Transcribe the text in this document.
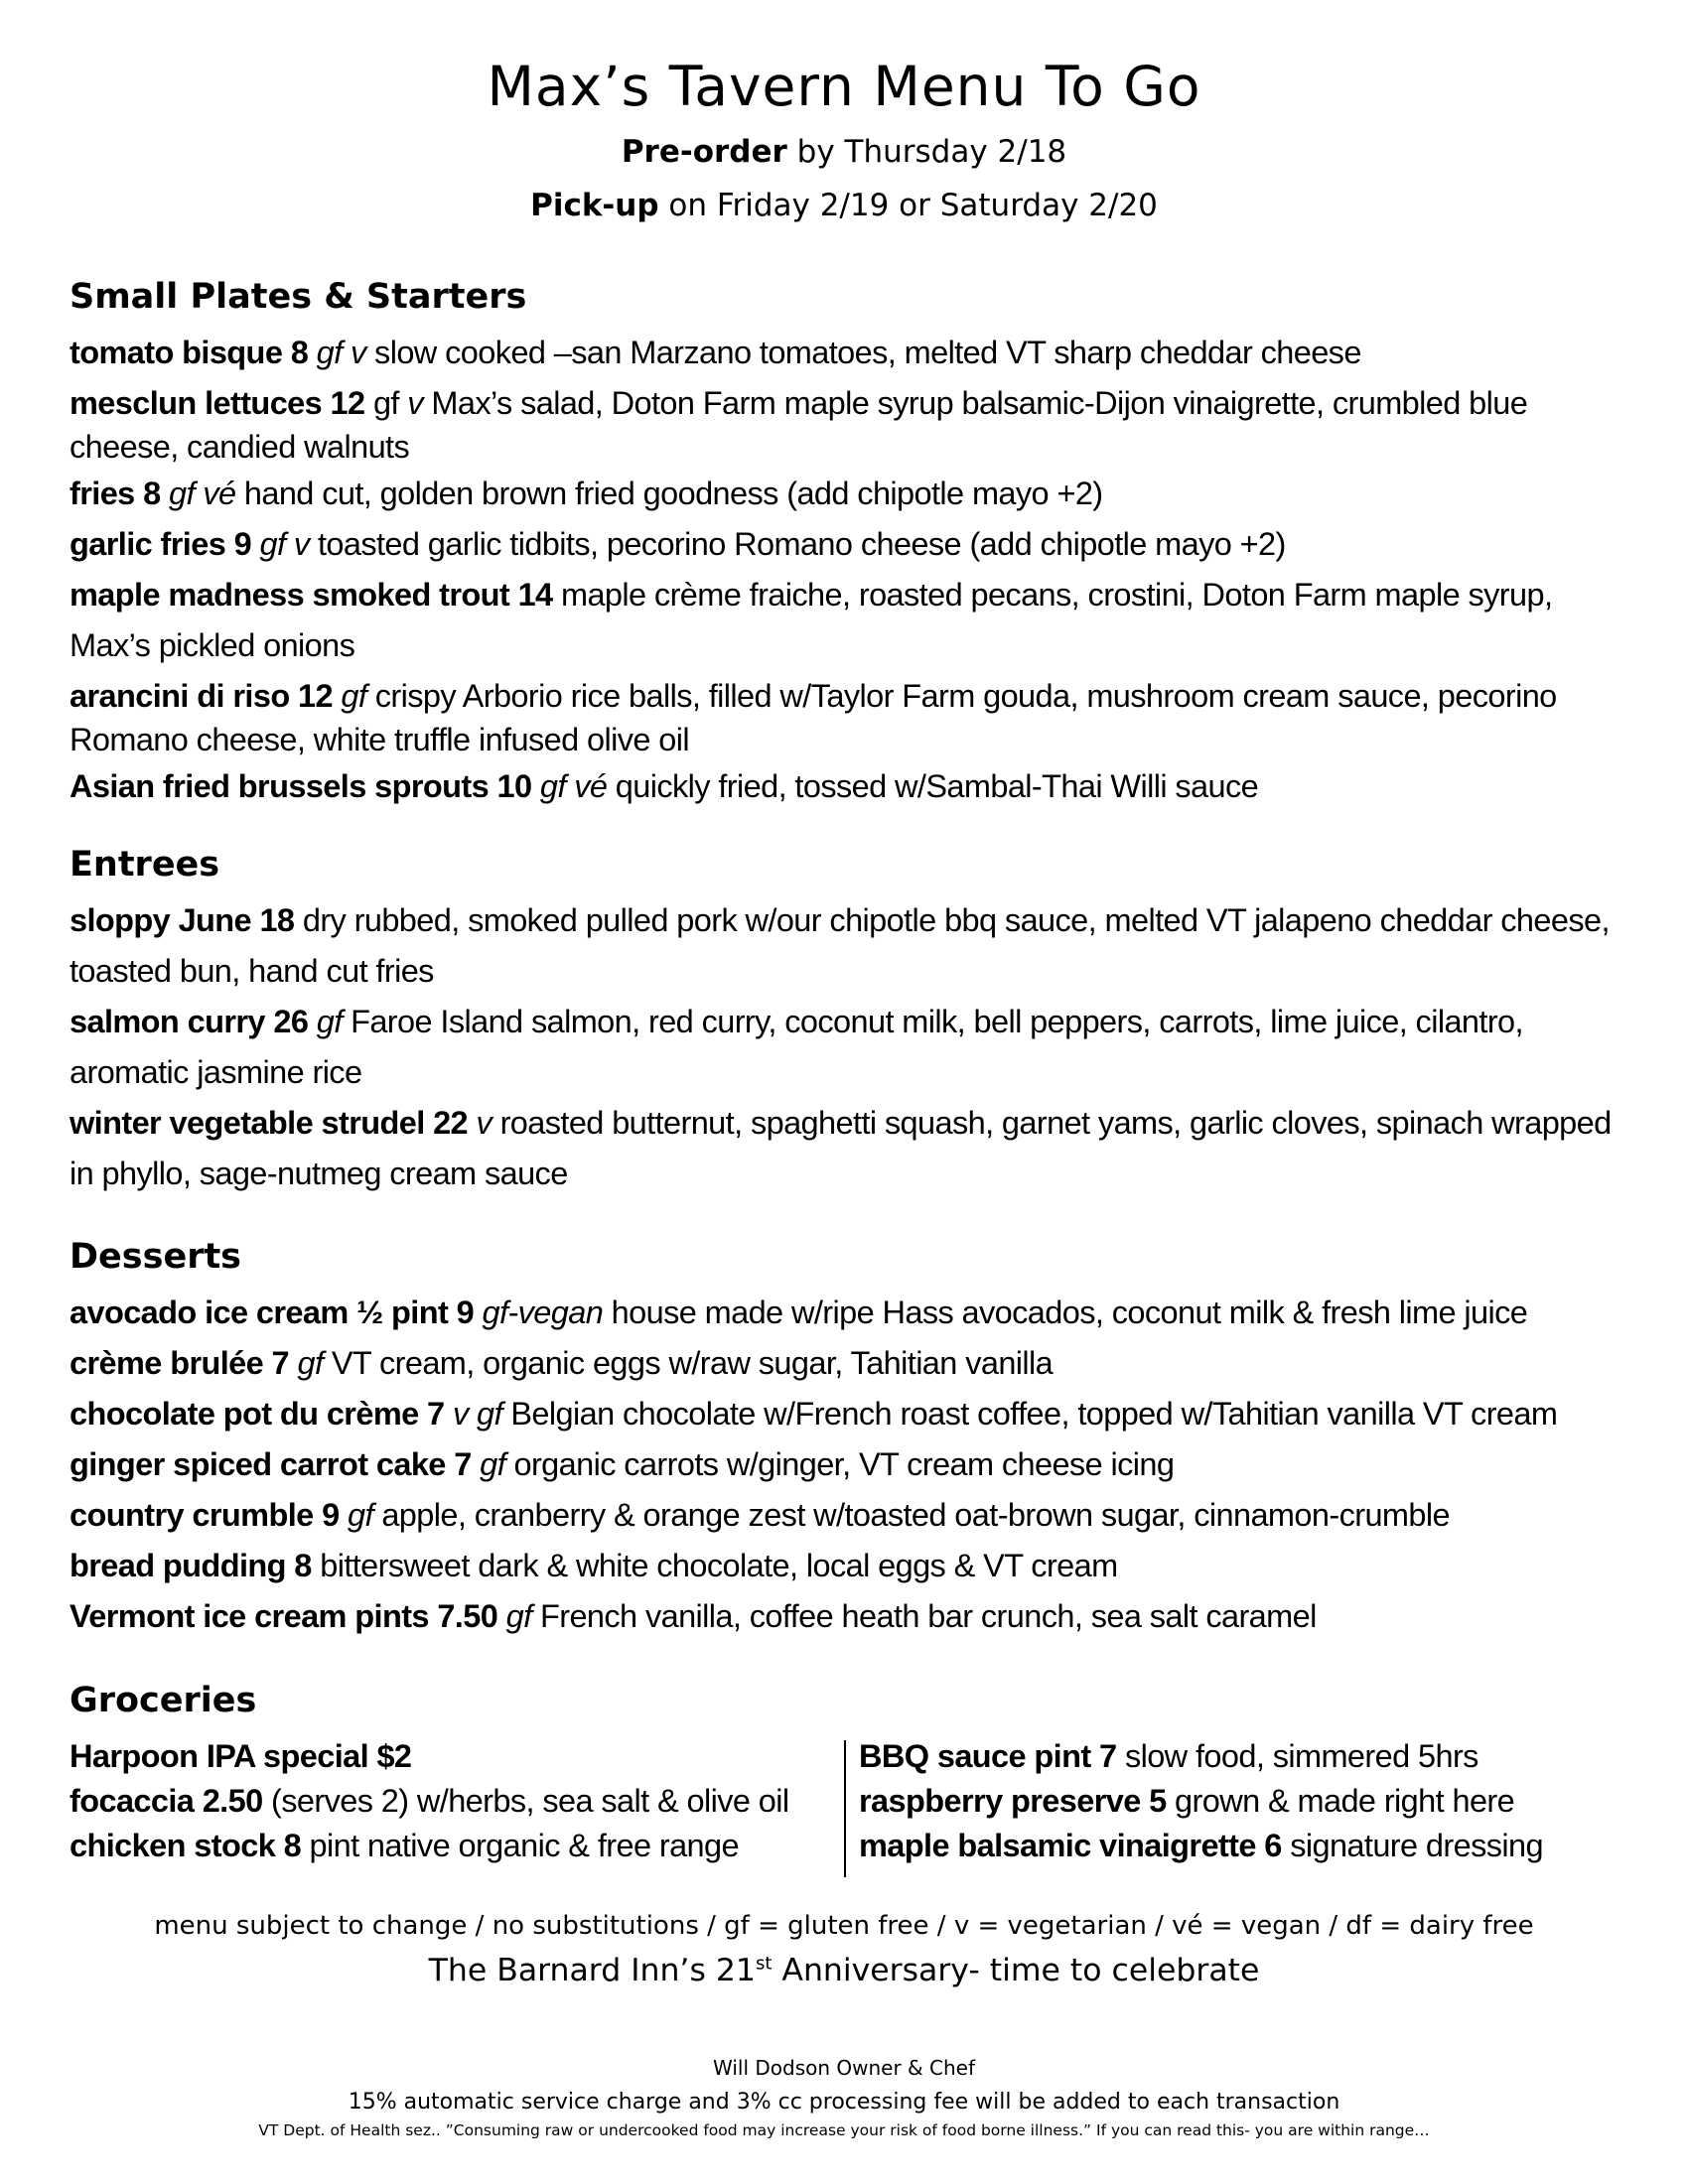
Max’s Tavern Menu To Go
Pre-order by Thursday 2/18
Pick-up on Friday 2/19 or Saturday 2/20
Small Plates & Starters

tomato bisque 8 gf v slow cooked –san Marzano tomatoes, melted VT sharp cheddar cheese

mesclun lettuces 12 gf v Max’s salad, Doton Farm maple syrup balsamic-Dijon vinaigrette, crumbled blue cheese, candied walnuts

fries 8 gf vé hand cut, golden brown fried goodness (add chipotle mayo +2)

garlic fries 9 gf v toasted garlic tidbits, pecorino Romano cheese (add chipotle mayo +2)

maple madness smoked trout 14 maple crème fraiche, roasted pecans, crostini, Doton Farm maple syrup, Max’s pickled onions

arancini di riso 12 gf crispy Arborio rice balls, filled w/Taylor Farm gouda, mushroom cream sauce, pecorino Romano cheese, white truffle infused olive oil

Asian fried brussels sprouts 10 gf vé quickly fried, tossed w/Sambal-Thai Willi sauce

Entrees

sloppy June 18 dry rubbed, smoked pulled pork w/our chipotle bbq sauce, melted VT jalapeno cheddar cheese, toasted bun, hand cut fries

salmon curry 26 gf Faroe Island salmon, red curry, coconut milk, bell peppers, carrots, lime juice, cilantro, aromatic jasmine rice

winter vegetable strudel 22 v roasted butternut, spaghetti squash, garnet yams, garlic cloves, spinach wrapped in phyllo, sage-nutmeg cream sauce

Desserts

avocado ice cream ½ pint 9 gf-vegan house made w/ripe Hass avocados, coconut milk & fresh lime juice

crème brulée 7 gf VT cream, organic eggs w/raw sugar, Tahitian vanilla

chocolate pot du crème 7 v gf Belgian chocolate w/French roast coffee, topped w/Tahitian vanilla VT cream

ginger spiced carrot cake 7 gf organic carrots w/ginger, VT cream cheese icing

country crumble 9 gf apple, cranberry & orange zest w/toasted oat-brown sugar, cinnamon-crumble

bread pudding 8 bittersweet dark & white chocolate, local eggs & VT cream

Vermont ice cream pints 7.50 gf French vanilla, coffee heath bar crunch, sea salt caramel

Groceries

Harpoon IPA special $2

focaccia 2.50 (serves 2) w/herbs, sea salt & olive oil

chicken stock 8 pint native organic & free range

BBQ sauce pint 7 slow food, simmered 5hrs

raspberry preserve 5 grown & made right here

maple balsamic vinaigrette 6 signature dressing

menu subject to change / no substitutions / gf = gluten free / v = vegetarian / vé = vegan / df = dairy free
The Barnard Inn’s 21st Anniversary- time to celebrate
Will Dodson Owner & Chef
15% automatic service charge and 3% cc processing fee will be added to each transaction
VT Dept. of Health sez.. ”Consuming raw or undercooked food may increase your risk of food borne illness.” If you can read this- you are within range…
